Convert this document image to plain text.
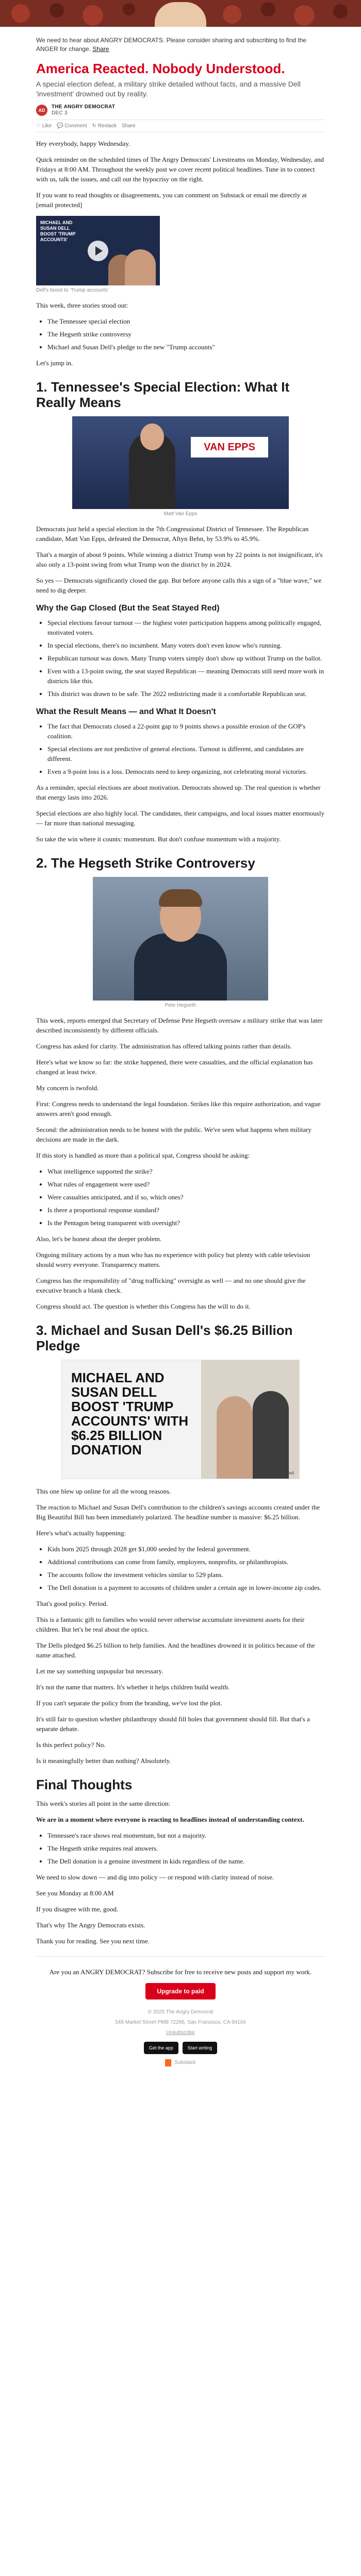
We need to hear about ANGRY DEMOCRATS. Please consider sharing and subscribing to find the ANGER for change. Share
America Reacted. Nobody Understood.
A special election defeat, a military strike detailed without facts, and a massive Dell 'investment' drowned out by reality.
AD
THE ANGRY DEMOCRAT
DEC 3
♡ Like 💬 Comment ↻ Restack Share

Hey everybody, happy Wednesday.

Quick reminder on the scheduled times of The Angry Democrats' Livestreams on Monday, Wednesday, and Fridays at 8:00 AM. Throughout the weekly post we cover recent political headlines. Tune in to connect with us, talk the issues, and call out the hypocrisy on the right.

If you want to read thoughts or disagreements, you can comment on Substack or email me directly at [email protected]

MICHAEL AND SUSAN DELL BOOST 'TRUMP ACCOUNTS'
Dell's boost to 'Trump accounts'

This week, three stories stood out:

• The Tennessee special election
• The Hegseth strike controversy
• Michael and Susan Dell's pledge to the new "Trump accounts"

Let's jump in.

1. Tennessee's Special Election: What It Really Means
VAN EPPS
Matt Van Epps

Democrats just held a special election in the 7th Congressional District of Tennessee. The Republican candidate, Matt Van Epps, defeated the Democrat, Aftyn Behn, by 53.9% to 45.9%.

That's a margin of about 9 points. While winning a district Trump won by 22 points is not insignificant, it's also only a 13-point swing from what Trump won the district by in 2024.

So yes — Democrats significantly closed the gap. But before anyone calls this a sign of a "blue wave," we need to dig deeper.

Why the Gap Closed (But the Seat Stayed Red)
• Special elections favour turnout — the highest voter participation happens among politically engaged, motivated voters.
• In special elections, there's no incumbent. Many voters don't even know who's running.
• Republican turnout was down. Many Trump voters simply don't show up without Trump on the ballot.
• Even with a 13-point swing, the seat stayed Republican — meaning Democrats still need more work in districts like this.
• This district was drawn to be safe. The 2022 redistricting made it a comfortable Republican seat.
What the Result Means — and What It Doesn't
• The fact that Democrats closed a 22-point gap to 9 points shows a possible erosion of the GOP's coalition.
• Special elections are not predictive of general elections. Turnout is different, and candidates are different.
• Even a 9-point loss is a loss. Democrats need to keep organizing, not celebrating moral victories.

As a reminder, special elections are about motivation. Democrats showed up. The real question is whether that energy lasts into 2026.

Special elections are also highly local. The candidates, their campaigns, and local issues matter enormously — far more than national messaging.

So take the win where it counts: momentum. But don't confuse momentum with a majority.

2. The Hegseth Strike Controversy
Pete Hegseth

This week, reports emerged that Secretary of Defense Pete Hegseth oversaw a military strike that was later described inconsistently by different officials.

Congress has asked for clarity. The administration has offered talking points rather than details.

Here's what we know so far: the strike happened, there were casualties, and the official explanation has changed at least twice.

My concern is twofold.

First: Congress needs to understand the legal foundation. Strikes like this require authorization, and vague answers aren't good enough.

Second: the administration needs to be honest with the public. We've seen what happens when military decisions are made in the dark.

If this story is handled as more than a political spat, Congress should be asking:

• What intelligence supported the strike?
• What rules of engagement were used?
• Were casualties anticipated, and if so, which ones?
• Is there a proportional response standard?
• Is the Pentagon being transparent with oversight?

Also, let's be honest about the deeper problem.

Ongoing military actions by a man who has no experience with policy but plenty with cable television should worry everyone. Transparency matters.

Congress has the responsibility of "drug trafficking" oversight as well — and no one should give the executive branch a blank check.

Congress should act. The question is whether this Congress has the will to do it.

3. Michael and Susan Dell's $6.25 Billion Pledge
MICHAEL AND SUSAN DELL BOOST 'TRUMP ACCOUNTS' WITH $6.25 BILLION DONATION
Michael & Susan Dell

This one blew up online for all the wrong reasons.

The reaction to Michael and Susan Dell's contribution to the children's savings accounts created under the Big Beautiful Bill has been immediately polarized. The headline number is massive: $6.25 billion.

Here's what's actually happening:

• Kids born 2025 through 2028 get $1,000 seeded by the federal government.
• Additional contributions can come from family, employers, nonprofits, or philanthropists.
• The accounts follow the investment vehicles similar to 529 plans.
• The Dell donation is a payment to accounts of children under a certain age in lower-income zip codes.

That's good policy. Period.

This is a fantastic gift to families who would never otherwise accumulate investment assets for their children. But let's be real about the optics.

The Dells pledged $6.25 billion to help families. And the headlines drowned it in politics because of the name attached.

Let me say something unpopular but necessary.

It's not the name that matters. It's whether it helps children build wealth.

If you can't separate the policy from the branding, we've lost the plot.

It's still fair to question whether philanthropy should fill holes that government should fill. But that's a separate debate.

Is this perfect policy? No.

Is it meaningfully better than nothing? Absolutely.

Final Thoughts

This week's stories all point in the same direction:

We are in a moment where everyone is reacting to headlines instead of understanding context.

• Tennessee's race shows real momentum, but not a majority.
• The Hegseth strike requires real answers.
• The Dell donation is a genuine investment in kids regardless of the name.

We need to slow down — and dig into policy — or respond with clarity instead of noise.

See you Monday at 8:00 AM

If you disagree with me, good.

That's why The Angry Democrats exists.

Thank you for reading. See you next time.

Are you an ANGRY DEMOCRAT? Subscribe for free to receive new posts and support my work.

Upgrade to paid
© 2025 The Angry Democrat
548 Market Street PMB 72296, San Francisco, CA 94104
Unsubscribe
Get the app	Start writing
Substack
